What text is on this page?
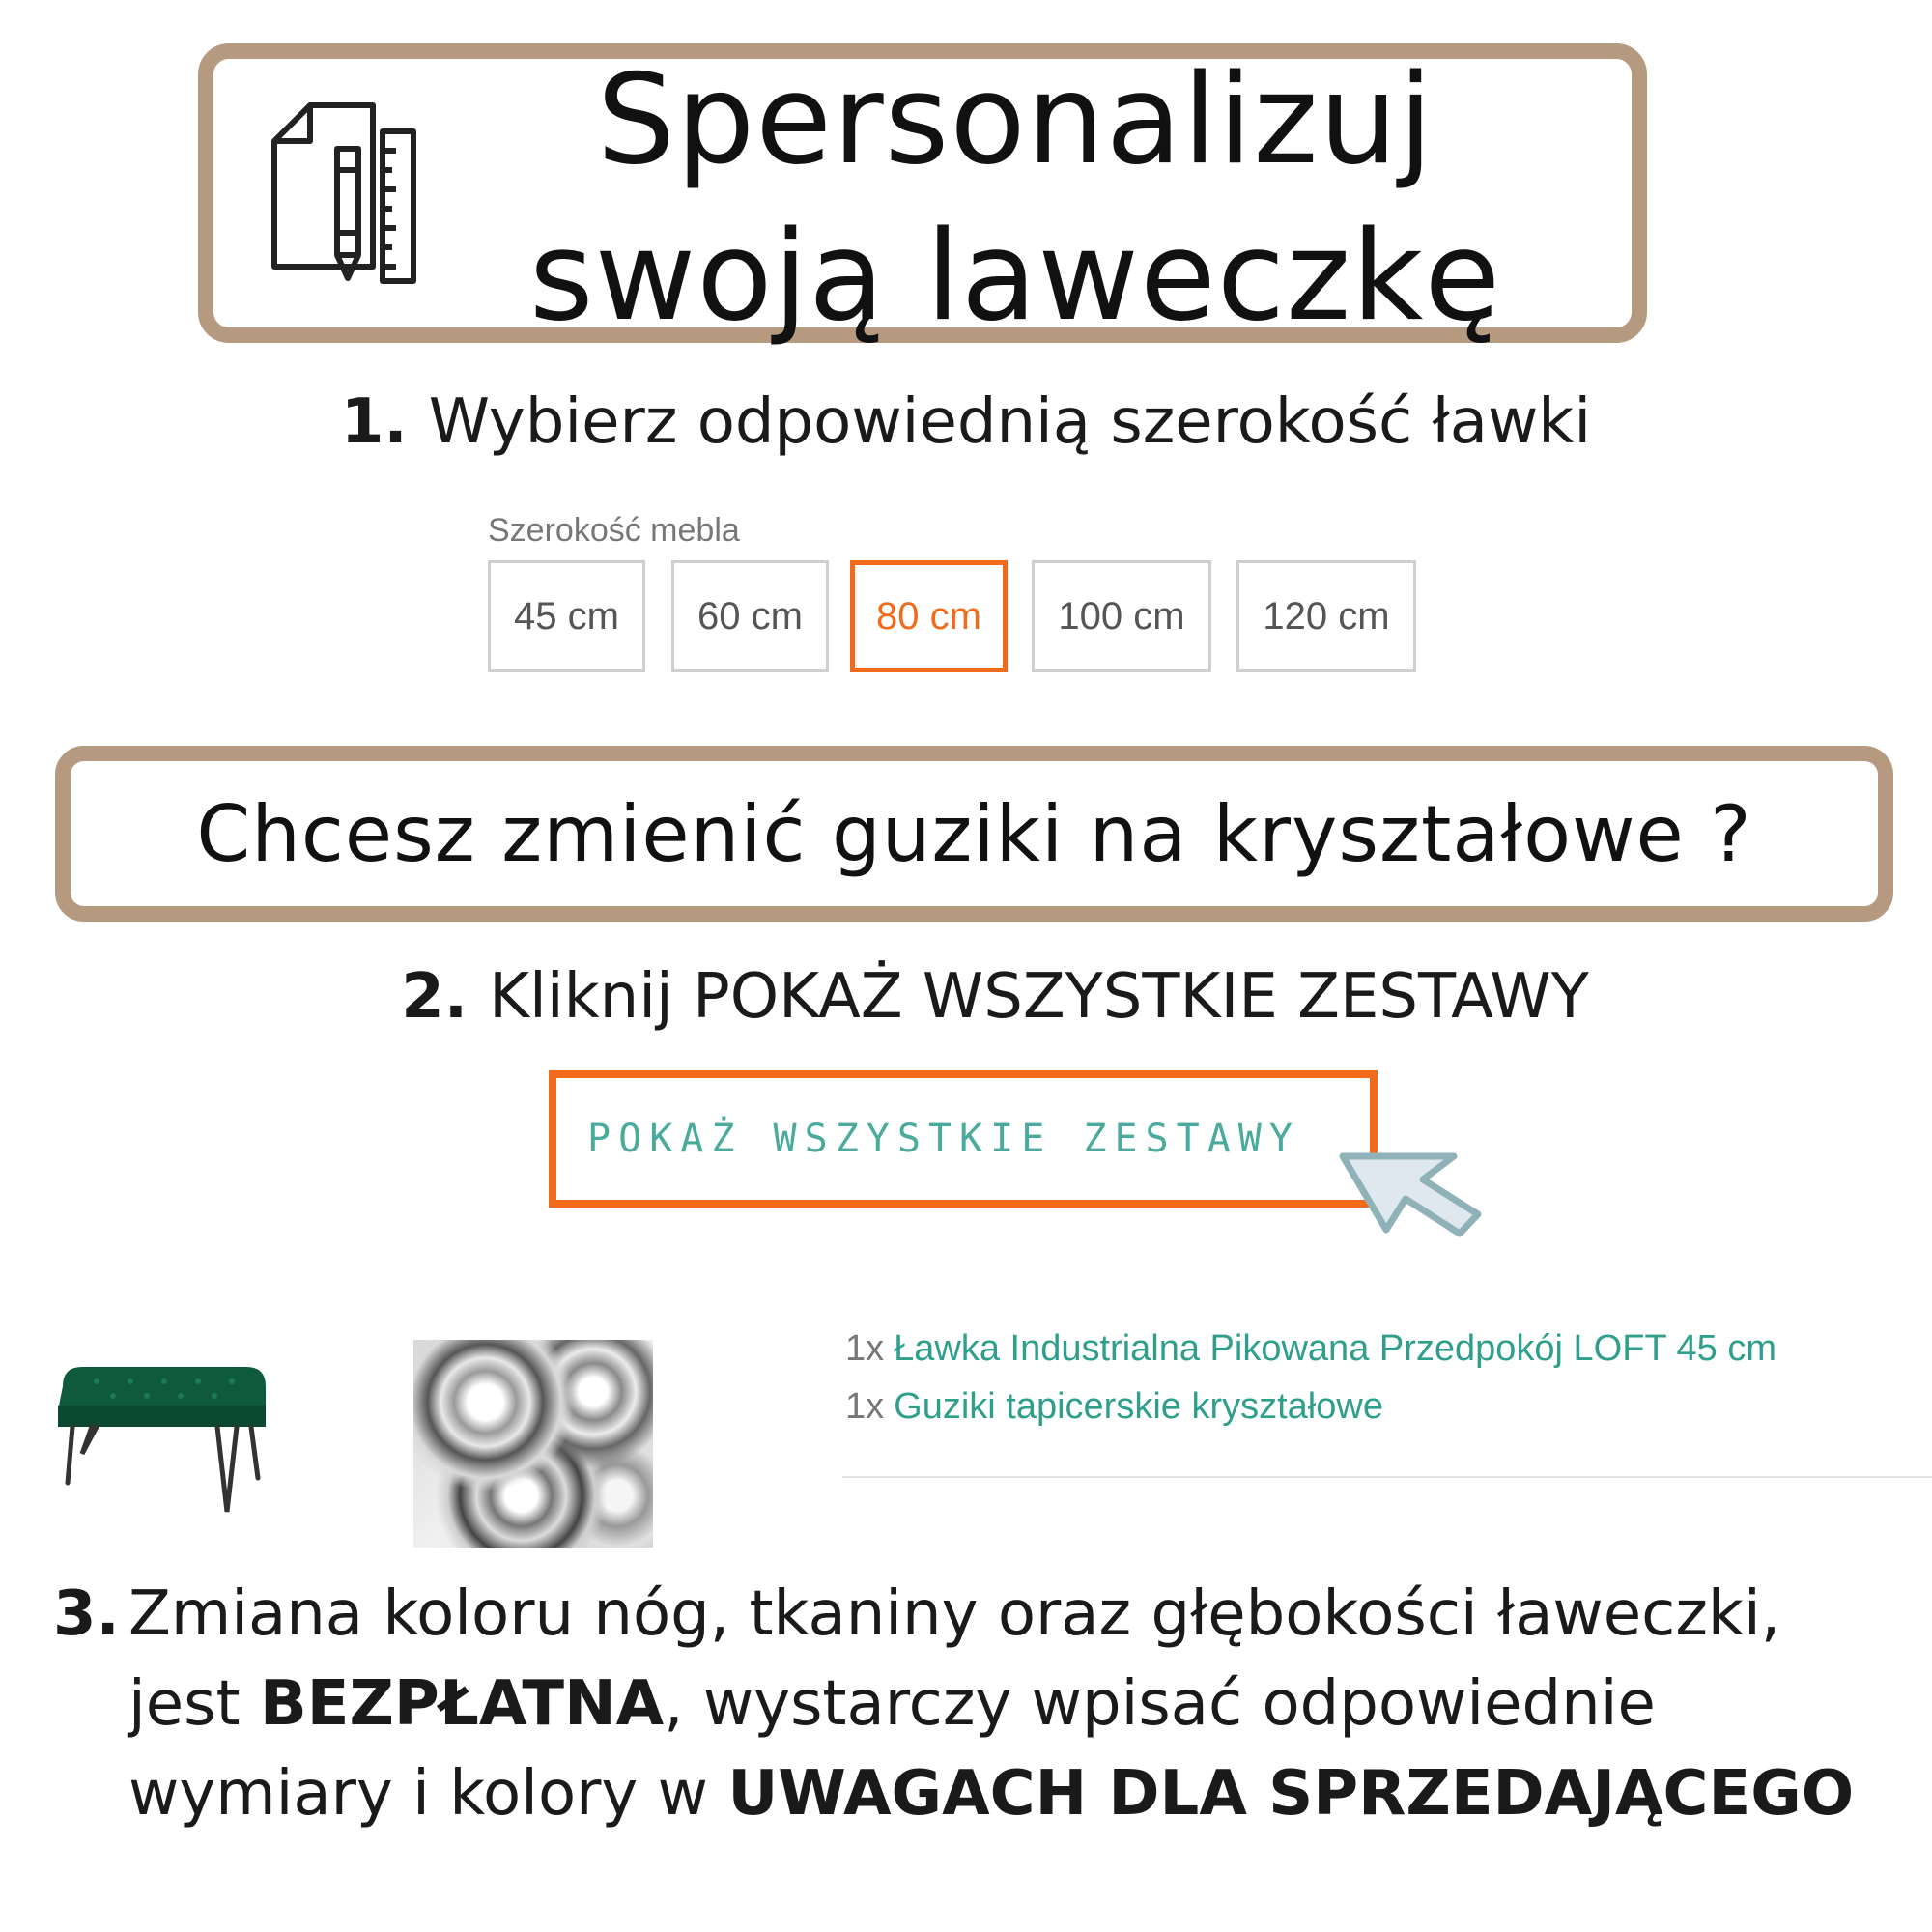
Spersonalizuj
swoją laweczkę
1. Wybierz odpowiednią szerokość ławki
Szerokość mebla
45 cm	60 cm	80 cm	100 cm	120 cm
Chcesz zmienić guziki na kryształowe ?
2. Kliknij POKAŻ WSZYSTKIE ZESTAWY
POKAŻ WSZYSTKIE ZESTAWY
1x Ławka Industrialna Pikowana Przedpokój LOFT 45 cm
1x Guziki tapicerskie kryształowe
3. Zmiana koloru nóg, tkaniny oraz głębokości ławeczki,
jest BEZPŁATNA, wystarczy wpisać odpowiednie
wymiary i kolory w UWAGACH DLA SPRZEDAJĄCEGO
